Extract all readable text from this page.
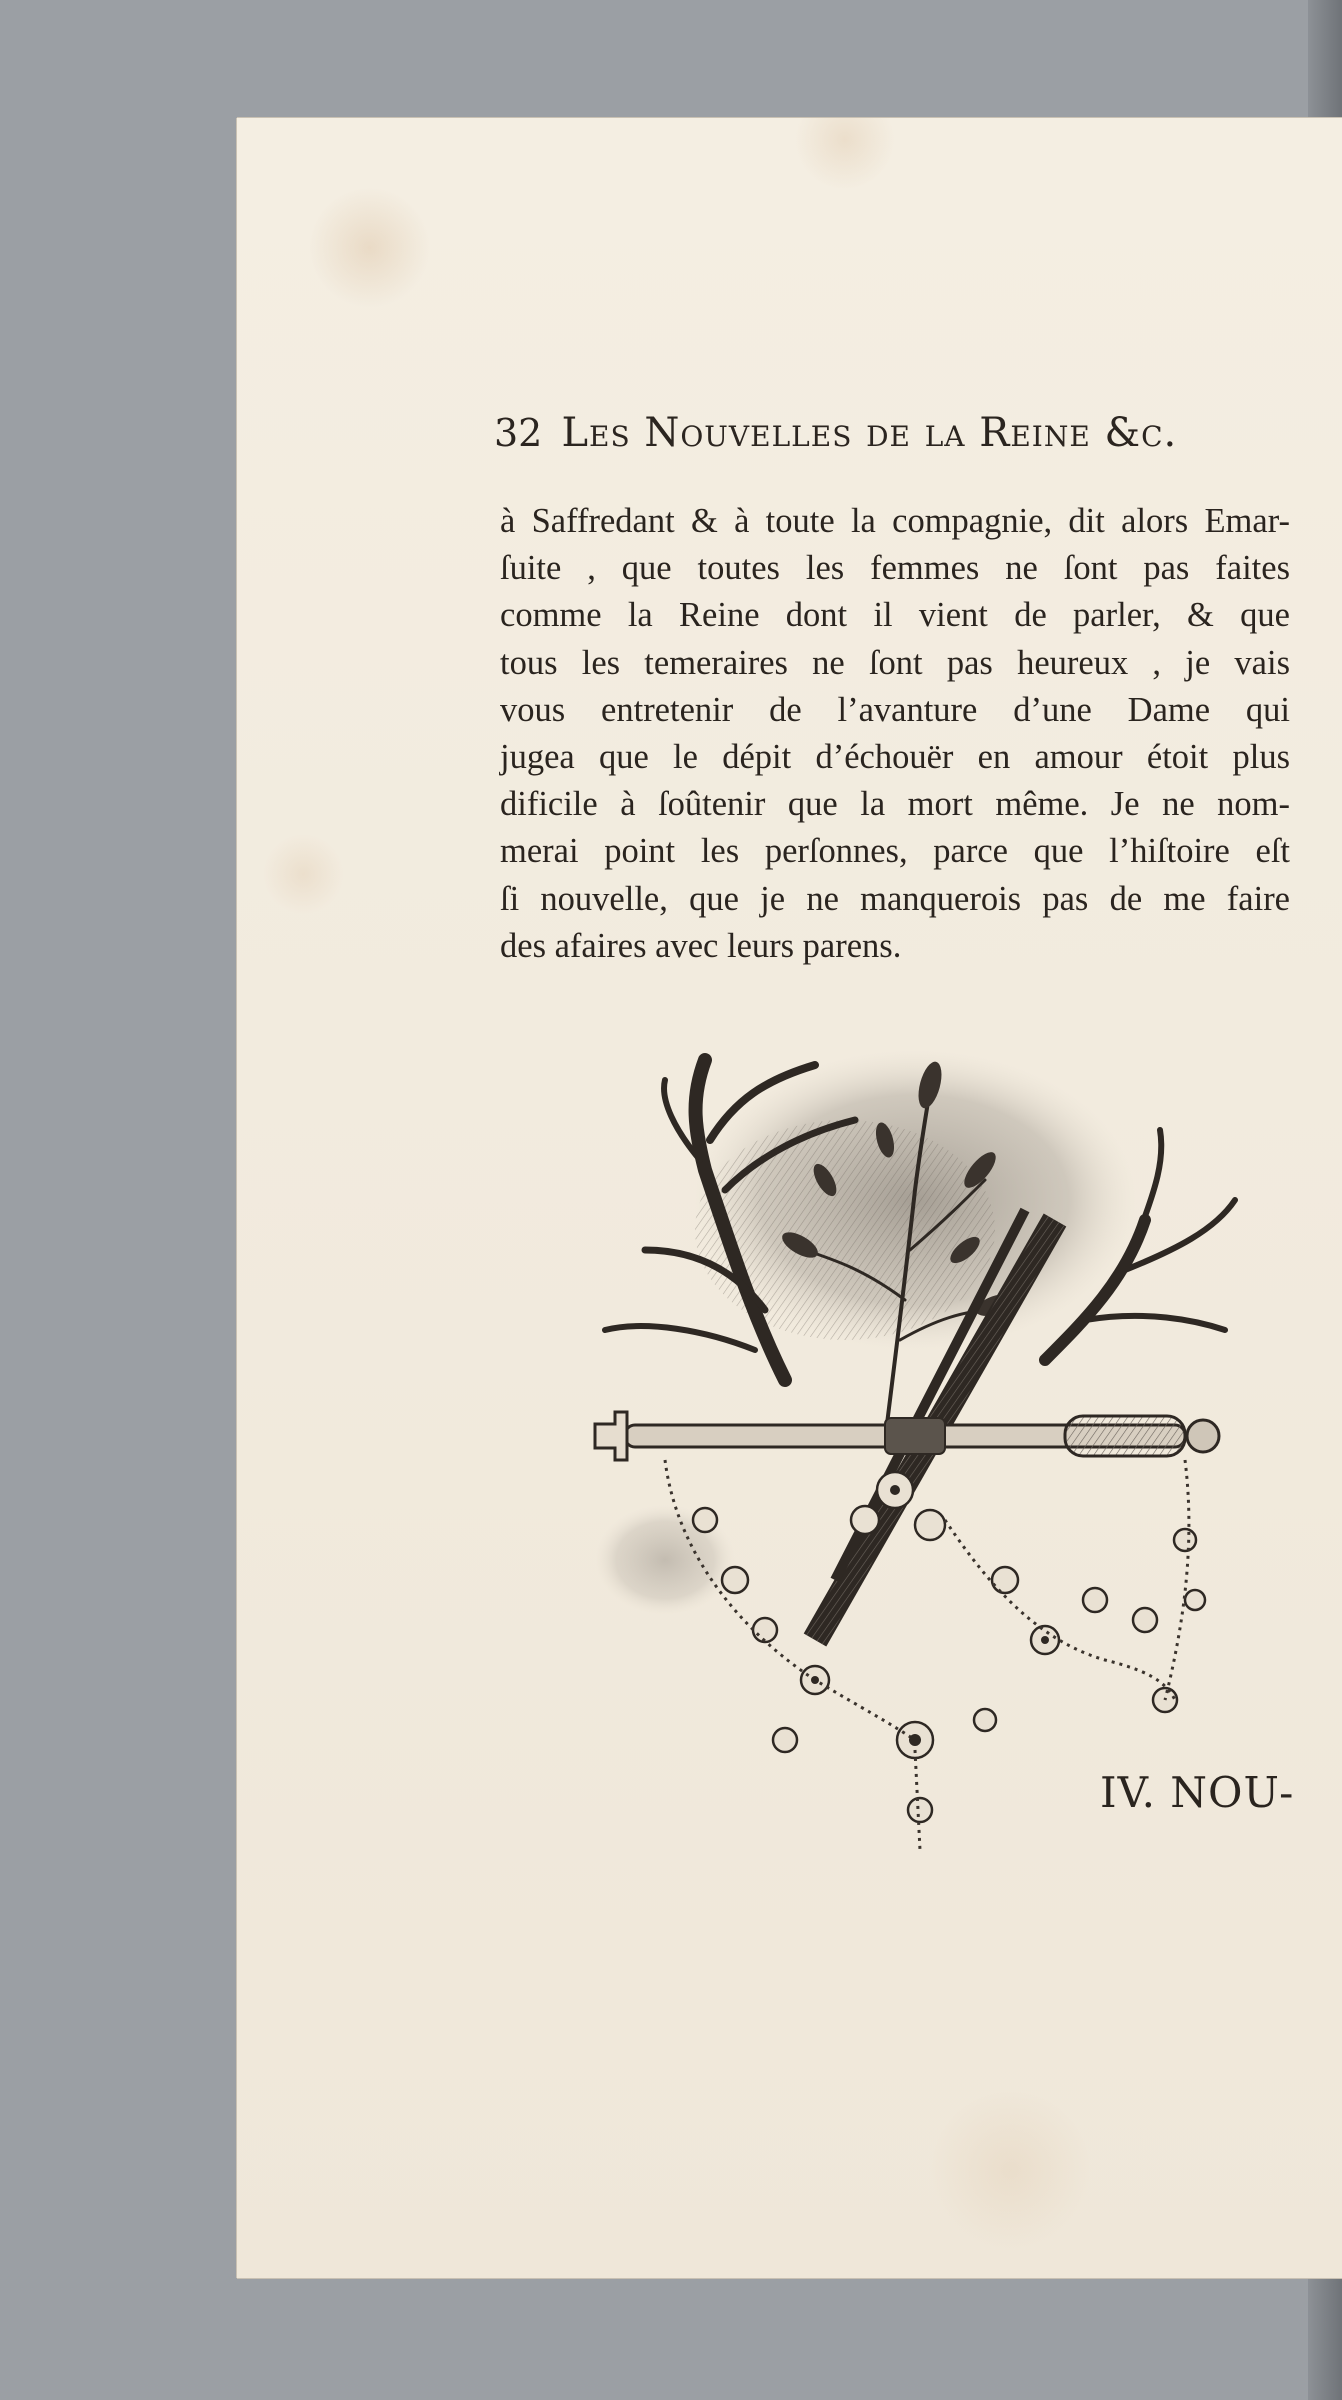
32 Les Nouvelles de la Reine &c.
à Saffredant & à toute la compagnie, dit alors Emar-
ſuite , que toutes les femmes ne ſont pas faites
comme la Reine dont il vient de parler, & que
tous les temeraires ne ſont pas heureux , je vais
vous entretenir de l’avanture d’une Dame qui
jugea que le dépit d’échouër en amour étoit plus
dificile à ſoûtenir que la mort même. Je ne nom-
merai point les perſonnes, parce que l’hiſtoire eſt
ſi nouvelle, que je ne manquerois pas de me faire
des afaires avec leurs parens.
IV. NOU-
